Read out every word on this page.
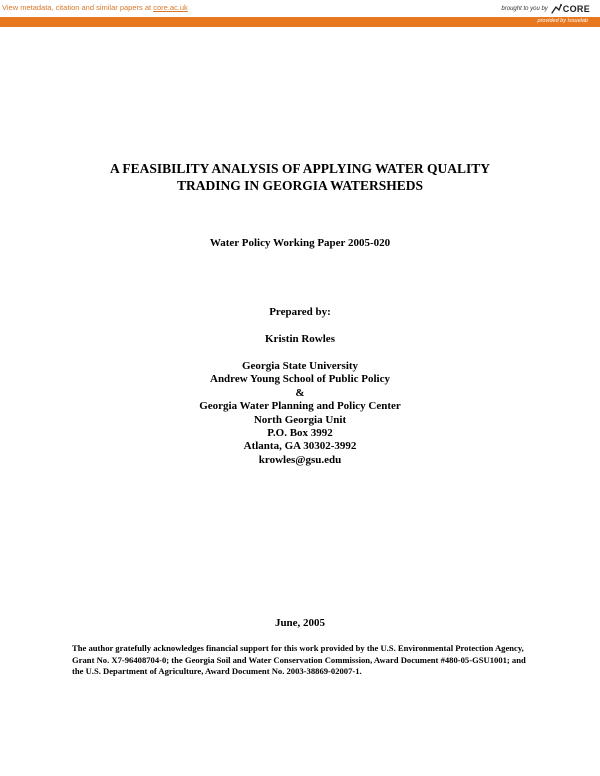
View metadata, citation and similar papers at core.ac.uk	brought to you by CORE
provided by Issuelab
A FEASIBILITY ANALYSIS OF APPLYING WATER QUALITY
TRADING IN GEORGIA WATERSHEDS
Water Policy Working Paper 2005-020
Prepared by:
Kristin Rowles
Georgia State University
Andrew Young School of Public Policy
&
Georgia Water Planning and Policy Center
North Georgia Unit
P.O. Box 3992
Atlanta, GA 30302-3992
krowles@gsu.edu
June, 2005
The author gratefully acknowledges financial support for this work provided by the U.S. Environmental Protection Agency, Grant No. X7-96408704-0; the Georgia Soil and Water Conservation Commission, Award Document #480-05-GSU1001; and the U.S. Department of Agriculture, Award Document No. 2003-38869-02007-1.
